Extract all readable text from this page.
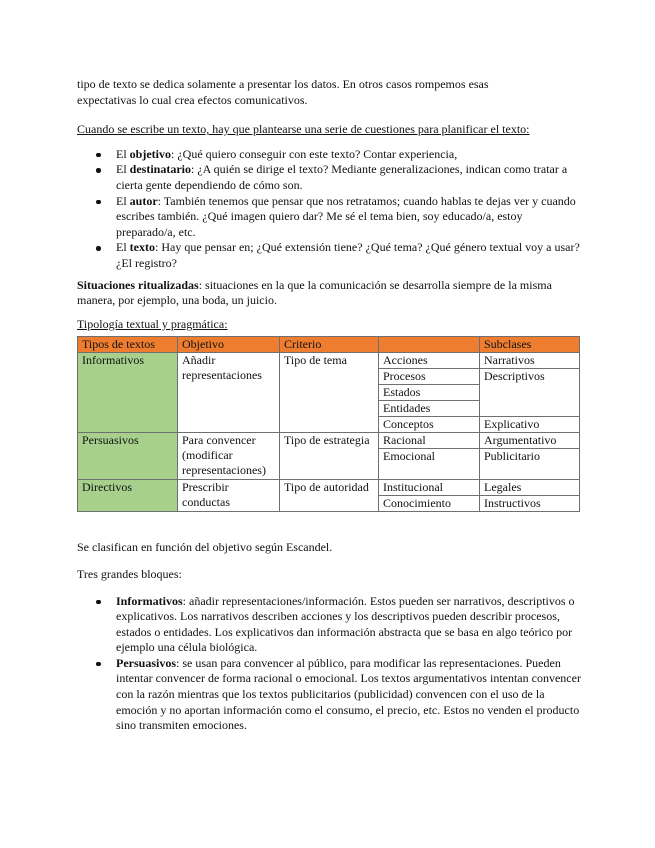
tipo de texto se dedica solamente a presentar los datos. En otros casos rompemos esas
expectativas lo cual crea efectos comunicativos.

Cuando se escribe un texto, hay que plantearse una serie de cuestiones para planificar el texto:

El objetivo: ¿Qué quiero conseguir con este texto? Contar experiencia,
El destinatario: ¿A quién se dirige el texto? Mediante generalizaciones, indican como tratar a cierta gente dependiendo de cómo son.
El autor: También tenemos que pensar que nos retratamos; cuando hablas te dejas ver y cuando escribes también. ¿Qué imagen quiero dar? Me sé el tema bien, soy educado/a, estoy preparado/a, etc.
El texto: Hay que pensar en; ¿Qué extensión tiene? ¿Qué tema? ¿Qué género textual voy a usar? ¿El registro?

Situaciones ritualizadas: situaciones en la que la comunicación se desarrolla siempre de la misma manera, por ejemplo, una boda, un juicio.

Tipología textual y pragmática:

Tipos de textos	Objetivo	Criterio		Subclases
Informativos	Añadir representaciones	Tipo de tema	Acciones	Narrativos
			Procesos	Descriptivos
			Estados	
			Entidades	
			Conceptos	Explicativo
Persuasivos	Para convencer (modificar representaciones)	Tipo de estrategia	Racional	Argumentativo
			Emocional	Publicitario
Directivos	Prescribir conductas	Tipo de autoridad	Institucional	Legales
			Conocimiento	Instructivos

Se clasifican en función del objetivo según Escandel.

Tres grandes bloques:

Informativos: añadir representaciones/información. Estos pueden ser narrativos, descriptivos o explicativos. Los narrativos describen acciones y los descriptivos pueden describir procesos, estados o entidades. Los explicativos dan información abstracta que se basa en algo teórico por ejemplo una célula biológica.
Persuasivos: se usan para convencer al público, para modificar las representaciones. Pueden intentar convencer de forma racional o emocional. Los textos argumentativos intentan convencer con la razón mientras que los textos publicitarios (publicidad) convencen con el uso de la emoción y no aportan información como el consumo, el precio, etc. Estos no venden el producto sino transmiten emociones.
